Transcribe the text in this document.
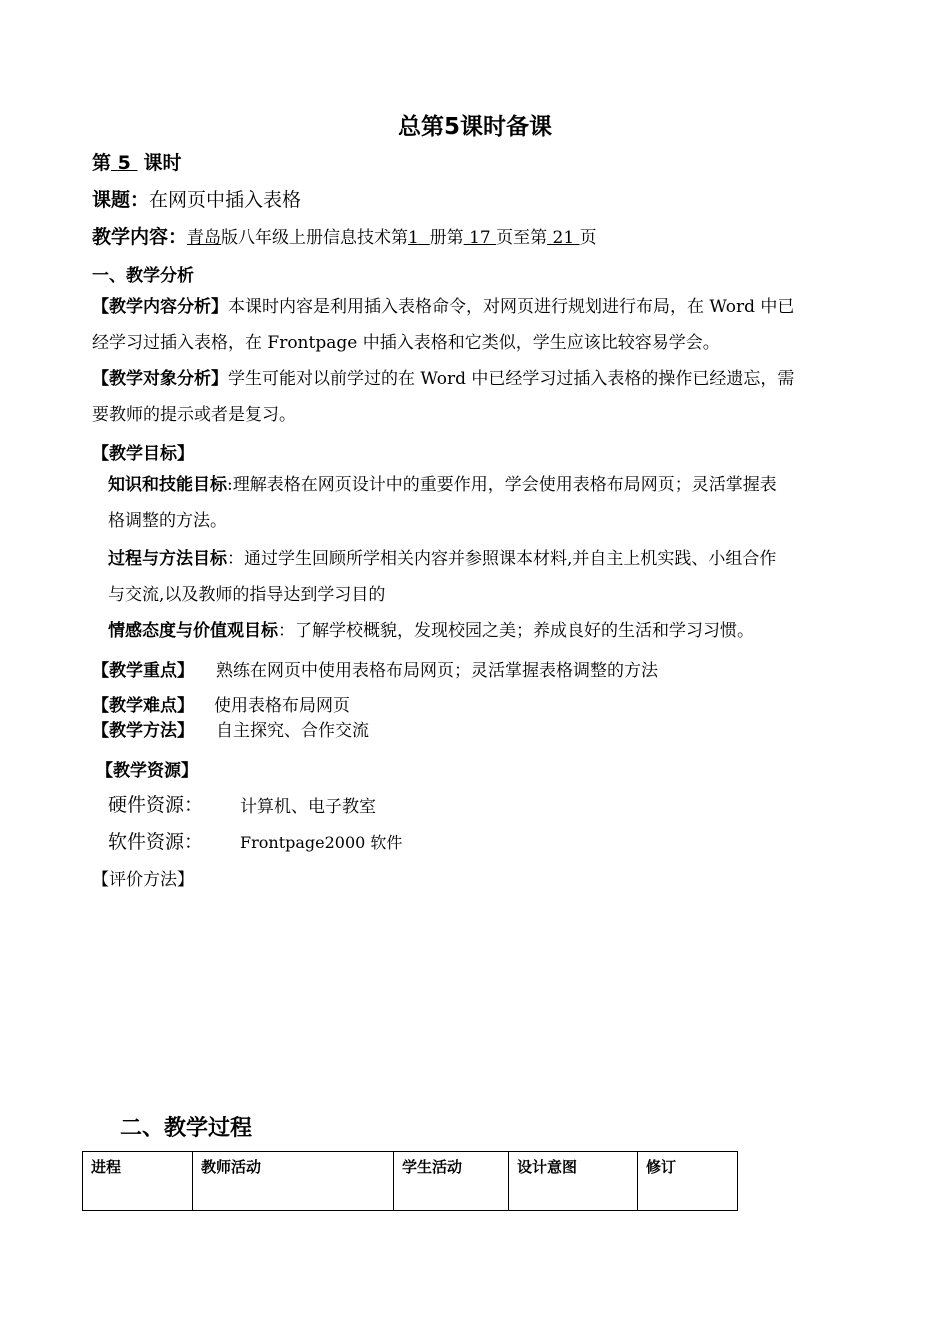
总第5课时备课
第 5 课时
课题：在网页中插入表格
教学内容：青岛版八年级上册信息技术第1 册第 17 页至第 21 页
一、教学分析
【教学内容分析】本课时内容是利用插入表格命令，对网页进行规划进行布局，在 Word 中已
经学习过插入表格，在 Frontpage 中插入表格和它类似，学生应该比较容易学会。
【教学对象分析】学生可能对以前学过的在 Word 中已经学习过插入表格的操作已经遗忘，需
要教师的提示或者是复习。
【教学目标】
知识和技能目标:理解表格在网页设计中的重要作用，学会使用表格布局网页；灵活掌握表
格调整的方法。
过程与方法目标：通过学生回顾所学相关内容并参照课本材料,并自主上机实践、小组合作
与交流,以及教师的指导达到学习目的
情感态度与价值观目标：了解学校概貌，发现校园之美；养成良好的生活和学习习惯。
【教学重点】 熟练在网页中使用表格布局网页；灵活掌握表格调整的方法
【教学难点】 使用表格布局网页
【教学方法】 自主探究、合作交流
【教学资源】
硬件资源： 计算机、电子教室
软件资源： Frontpage2000 软件
【评价方法】
二、教学过程
进程	教师活动	学生活动	设计意图	修订
